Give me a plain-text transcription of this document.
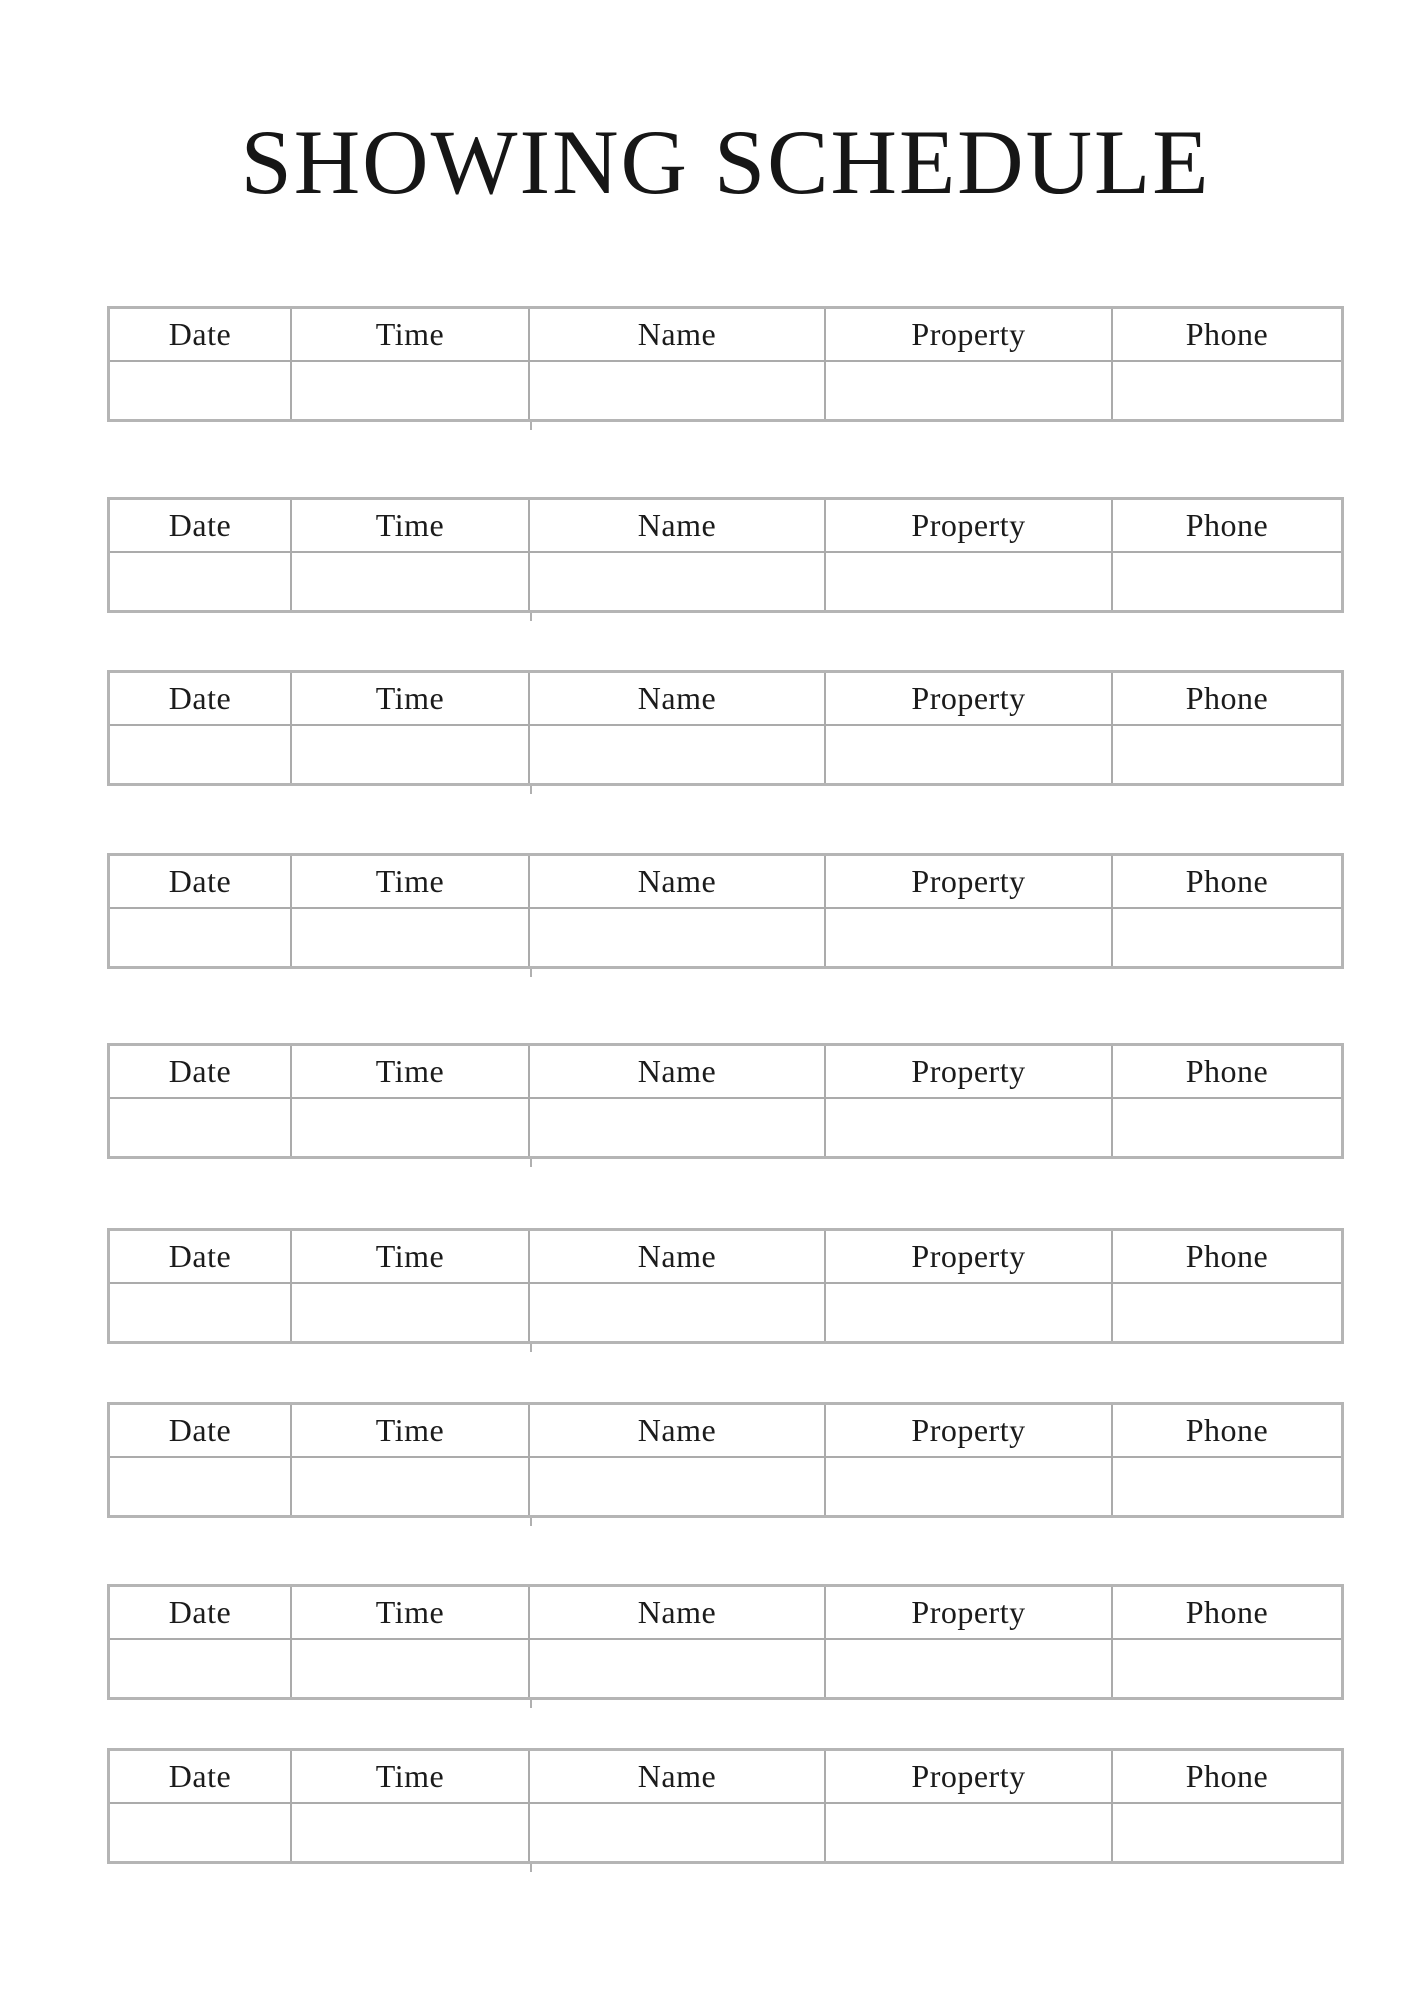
SHOWING SCHEDULE
Date	Time	Name	Property	Phone
Date	Time	Name	Property	Phone
Date	Time	Name	Property	Phone
Date	Time	Name	Property	Phone
Date	Time	Name	Property	Phone
Date	Time	Name	Property	Phone
Date	Time	Name	Property	Phone
Date	Time	Name	Property	Phone
Date	Time	Name	Property	Phone
